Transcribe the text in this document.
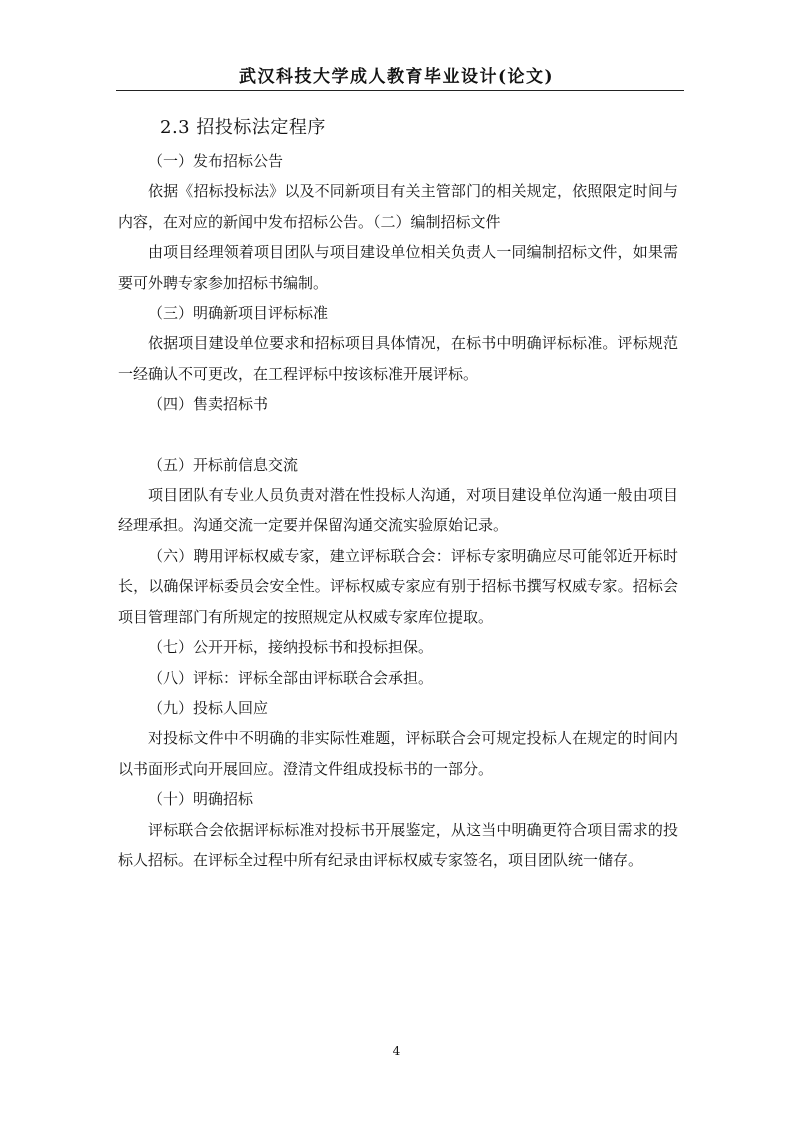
武汉科技大学成人教育毕业设计(论文)
2.3 招投标法定程序

（一）发布招标公告

依据《招标投标法》以及不同新项目有关主管部门的相关规定，依照限定时间与内容，在对应的新闻中发布招标公告。（二）编制招标文件

由项目经理领着项目团队与项目建设单位相关负责人一同编制招标文件，如果需要可外聘专家参加招标书编制。

（三）明确新项目评标标准

依据项目建设单位要求和招标项目具体情况，在标书中明确评标标准。评标规范一经确认不可更改，在工程评标中按该标准开展评标。

（四）售卖招标书

（五）开标前信息交流

项目团队有专业人员负责对潜在性投标人沟通，对项目建设单位沟通一般由项目经理承担。沟通交流一定要并保留沟通交流实验原始记录。

（六）聘用评标权威专家，建立评标联合会：评标专家明确应尽可能邻近开标时长，以确保评标委员会安全性。评标权威专家应有别于招标书撰写权威专家。招标会项目管理部门有所规定的按照规定从权威专家库位提取。

（七）公开开标，接纳投标书和投标担保。

（八）评标：评标全部由评标联合会承担。

（九）投标人回应

对投标文件中不明确的非实际性难题，评标联合会可规定投标人在规定的时间内以书面形式向开展回应。澄清文件组成投标书的一部分。

（十）明确招标

评标联合会依据评标标准对投标书开展鉴定，从这当中明确更符合项目需求的投标人招标。在评标全过程中所有纪录由评标权威专家签名，项目团队统一储存。

4
